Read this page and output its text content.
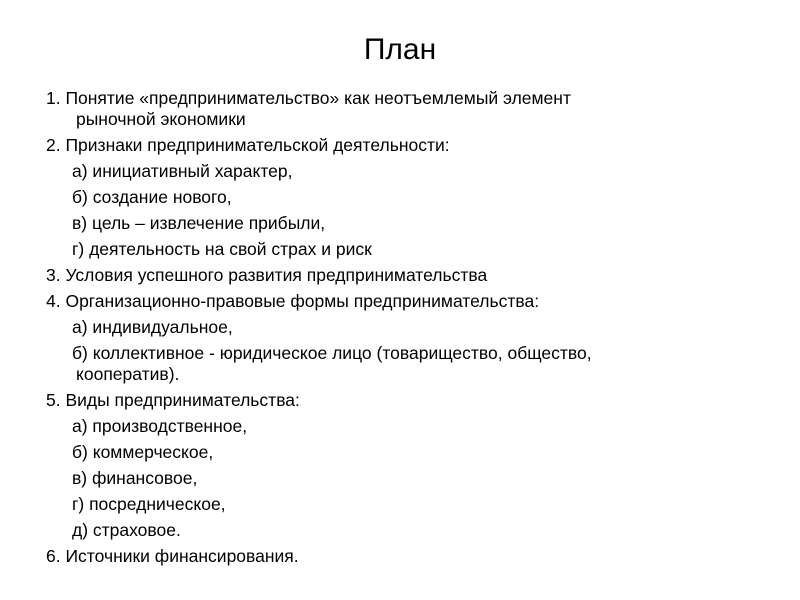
План
1. Понятие «предпринимательство» как неотъемлемый элемент
рыночной экономики
2. Признаки предпринимательской деятельности:
а) инициативный характер,
б) создание нового,
в) цель – извлечение прибыли,
г) деятельность на свой страх и риск
3. Условия успешного развития предпринимательства
4. Организационно-правовые формы предпринимательства:
а) индивидуальное,
б) коллективное - юридическое лицо (товарищество, общество,
кооператив).
5. Виды предпринимательства:
а) производственное,
б) коммерческое,
в) финансовое,
г) посредническое,
д) страховое.
6. Источники финансирования.
